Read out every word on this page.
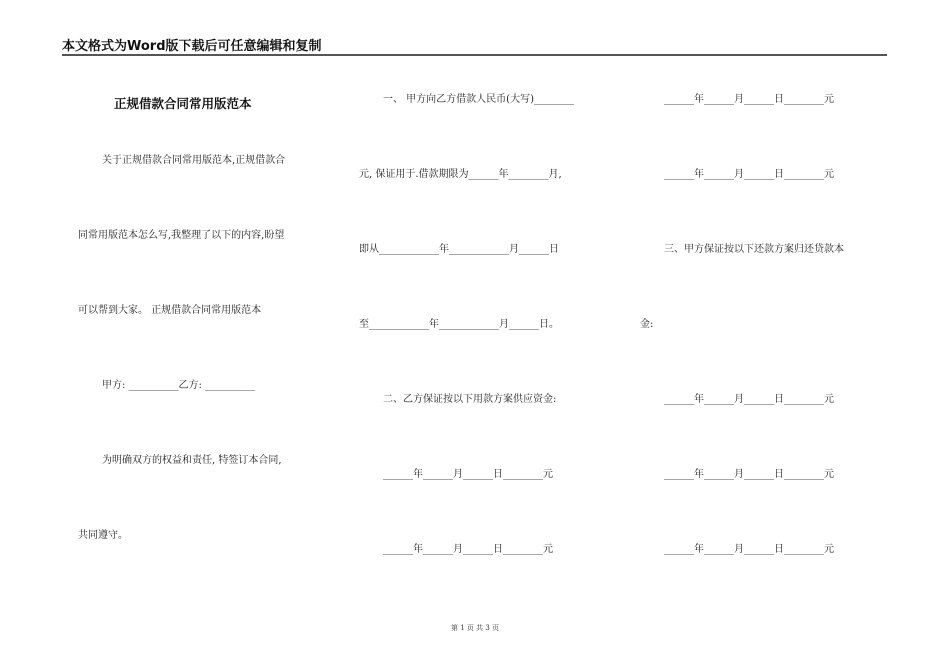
本文格式为Word版下载后可任意编辑和复制
正规借款合同常用版范本
关于正规借款合同常用版范本,正规借款合
同常用版范本怎么写,我整理了以下的内容,盼望
可以帮到大家。 正规借款合同常用版范本
甲方: __________乙方: __________
为明确双方的权益和责任, 特签订本合同,
共同遵守。
一、 甲方向乙方借款人民币(大写)________
元, 保证用于.借款期限为______年________月,
即从____________年____________月______日
至____________年____________月______日。
二、乙方保证按以下用款方案供应资金:
______年______月______日________元
______年______月______日________元
______年______月______日________元
______年______月______日________元
三、甲方保证按以下还款方案归还贷款本
金:
______年______月______日________元
______年______月______日________元
______年______月______日________元
第 1 页 共 3 页
